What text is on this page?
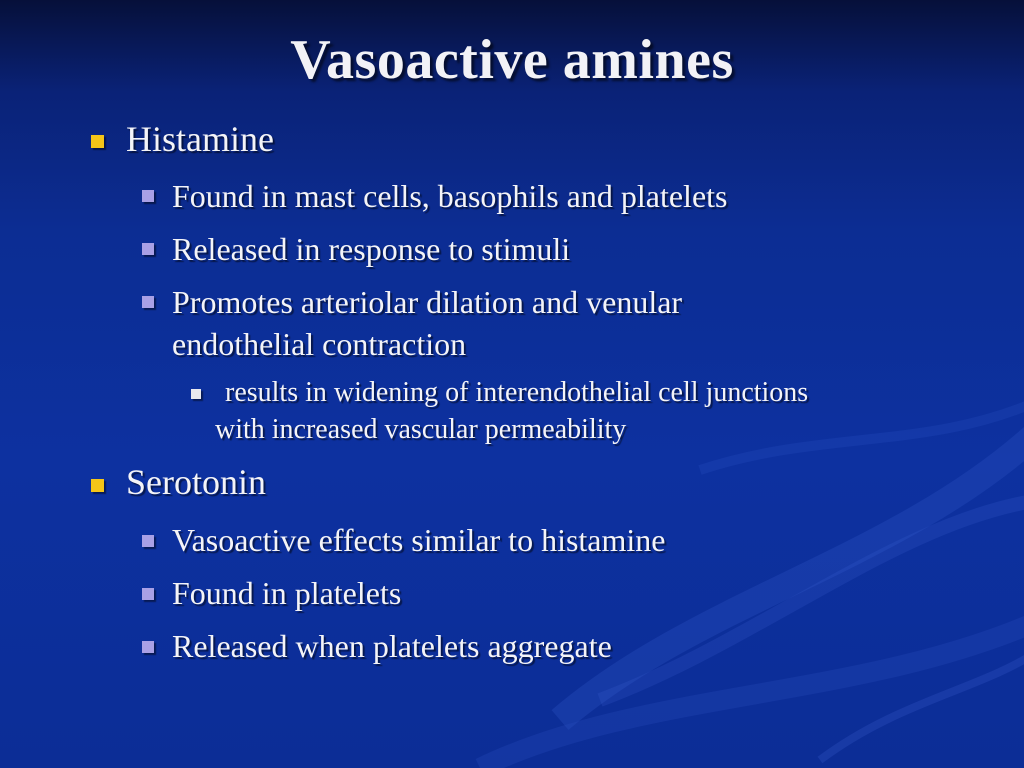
Vasoactive amines
Histamine
Found in mast cells, basophils and platelets
Released in response to stimuli
Promotes arteriolar dilation and venular
endothelial contraction
results in widening of interendothelial cell junctions
with increased vascular permeability
Serotonin
Vasoactive effects similar to histamine
Found in platelets
Released when platelets aggregate
